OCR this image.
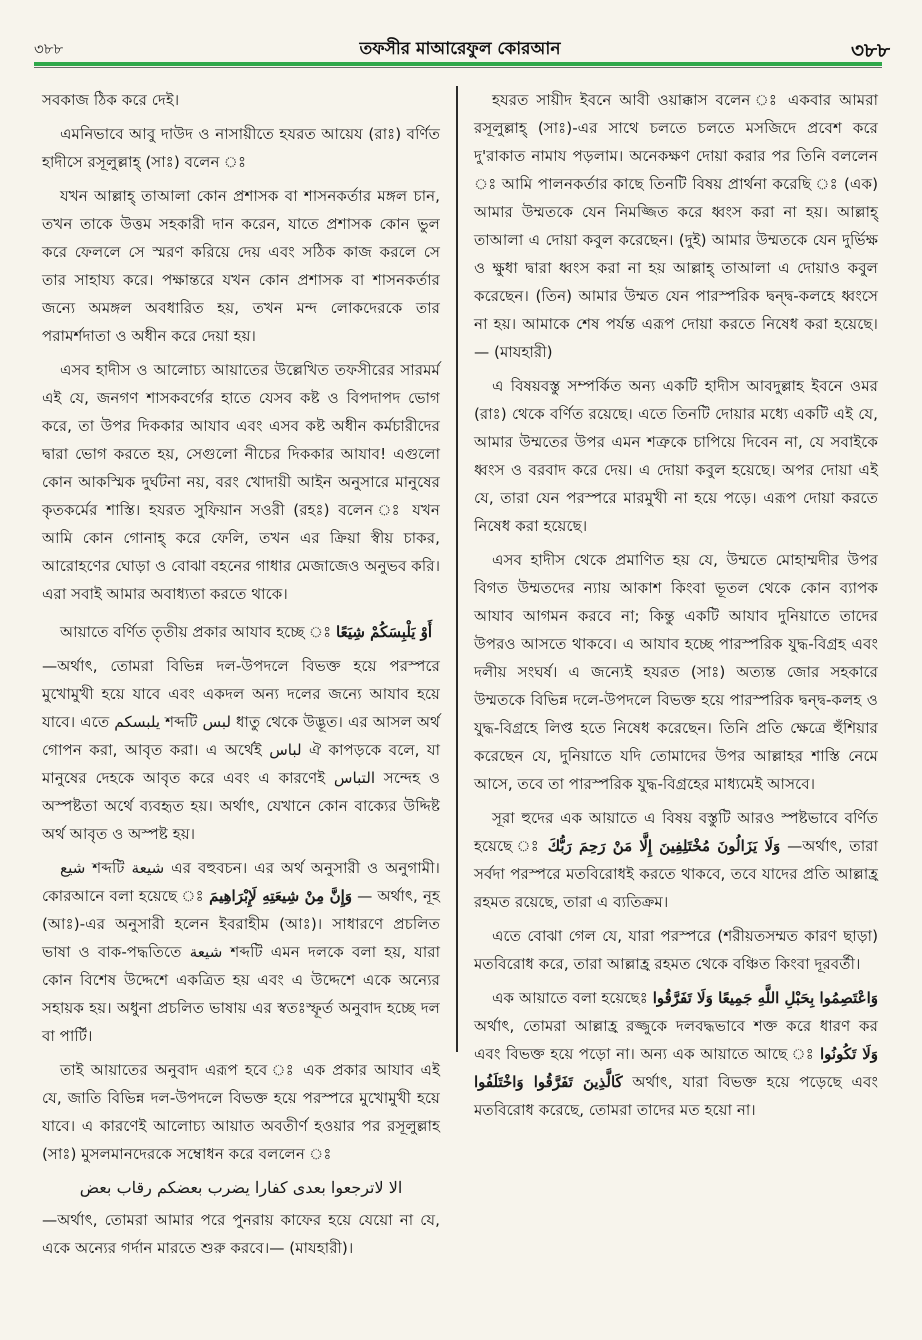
৩৮৮	তফসীর মাআরেফুল কোরআন	৩৮৮

সবকাজ ঠিক করে দেই।

এমনিভাবে আবু দাউদ ও নাসায়ীতে হযরত আয়েয (রাঃ) বর্ণিত হাদীসে রসূলুল্লাহ্ (সাঃ) বলেন ঃ

যখন আল্লাহ্ তাআলা কোন প্রশাসক বা শাসনকর্তার মঙ্গল চান, তখন তাকে উত্তম সহকারী দান করেন, যাতে প্রশাসক কোন ভুল করে ফেললে সে স্মরণ করিয়ে দেয় এবং সঠিক কাজ করলে সে তার সাহায্য করে। পক্ষান্তরে যখন কোন প্রশাসক বা শাসনকর্তার জন্যে অমঙ্গল অবধারিত হয়, তখন মন্দ লোকদেরকে তার পরামর্শদাতা ও অধীন করে দেয়া হয়।

এসব হাদীস ও আলোচ্য আয়াতের উল্লেখিত তফসীরের সারমর্ম এই যে, জনগণ শাসকবর্গের হাতে যেসব কষ্ট ও বিপদাপদ ভোগ করে, তা উপর দিককার আযাব এবং এসব কষ্ট অধীন কর্মচারীদের দ্বারা ভোগ করতে হয়, সেগুলো নীচের দিককার আযাব! এগুলো কোন আকস্মিক দুর্ঘটনা নয়, বরং খোদায়ী আইন অনুসারে মানুষের কৃতকর্মের শাস্তি। হযরত সুফিয়ান সওরী (রহঃ) বলেন ঃ যখন আমি কোন গোনাহ্ করে ফেলি, তখন এর ক্রিয়া স্বীয় চাকর, আরোহণের ঘোড়া ও বোঝা বহনের গাধার মেজাজেও অনুভব করি। এরা সবাই আমার অবাধ্যতা করতে থাকে।

আয়াতে বর্ণিত তৃতীয় প্রকার আযাব হচ্ছে ঃ أَوْ يَلْبِسَكُمْ شِيَعًا

—অর্থাৎ, তোমরা বিভিন্ন দল-উপদলে বিভক্ত হয়ে পরস্পরে মুখোমুখী হয়ে যাবে এবং একদল অন্য দলের জন্যে আযাব হয়ে যাবে। এতে يلبسكم শব্দটি لبس ধাতু থেকে উদ্ভূত। এর আসল অর্থ গোপন করা, আবৃত করা। এ অর্থেই لباس ঐ কাপড়কে বলে, যা মানুষের দেহকে আবৃত করে এবং এ কারণেই التباس সন্দেহ ও অস্পষ্টতা অর্থে ব্যবহৃত হয়। অর্থাৎ, যেখানে কোন বাক্যের উদ্দিষ্ট অর্থ আবৃত ও অস্পষ্ট হয়।

شيع শব্দটি شيعة এর বহুবচন। এর অর্থ অনুসারী ও অনুগামী। কোরআনে বলা হয়েছে ঃ وَإِنَّ مِنْ شِيعَتِهِ لَإِبْرَاهِيمَ — অর্থাৎ, নূহ (আঃ)-এর অনুসারী হলেন ইবরাহীম (আঃ)। সাধারণে প্রচলিত ভাষা ও বাক-পদ্ধতিতে شيعة শব্দটি এমন দলকে বলা হয়, যারা কোন বিশেষ উদ্দেশে একত্রিত হয় এবং এ উদ্দেশে একে অন্যের সহায়ক হয়। অধুনা প্রচলিত ভাষায় এর স্বতঃস্ফূর্ত অনুবাদ হচ্ছে দল বা পার্টি।

তাই আয়াতের অনুবাদ এরূপ হবে ঃ এক প্রকার আযাব এই যে, জাতি বিভিন্ন দল-উপদলে বিভক্ত হয়ে পরস্পরে মুখোমুখী হয়ে যাবে। এ কারণেই আলোচ্য আয়াত অবতীর্ণ হওয়ার পর রসূলুল্লাহ (সাঃ) মুসলমানদেরকে সম্বোধন করে বললেন ঃ

الا لاترجعوا بعدى كفارا يضرب بعضكم رقاب بعض

—অর্থাৎ, তোমরা আমার পরে পুনরায় কাফের হয়ে যেয়ো না যে, একে অন্যের গর্দান মারতে শুরু করবে।— (মাযহারী)।

হযরত সায়ীদ ইবনে আবী ওয়াক্কাস বলেন ঃ একবার আমরা রসূলুল্লাহ্ (সাঃ)-এর সাথে চলতে চলতে মসজিদে প্রবেশ করে দু'রাকাত নামায পড়লাম। অনেকক্ষণ দোয়া করার পর তিনি বললেন ঃ আমি পালনকর্তার কাছে তিনটি বিষয় প্রার্থনা করেছি ঃ (এক) আমার উম্মতকে যেন নিমজ্জিত করে ধ্বংস করা না হয়। আল্লাহ্ তাআলা এ দোয়া কবুল করেছেন। (দুই) আমার উম্মতকে যেন দুর্ভিক্ষ ও ক্ষুধা দ্বারা ধ্বংস করা না হয় আল্লাহ্ তাআলা এ দোয়াও কবুল করেছেন। (তিন) আমার উম্মত যেন পারস্পরিক দ্বন্দ্ব-কলহে ধ্বংসে না হয়। আমাকে শেষ পর্যন্ত এরূপ দোয়া করতে নিষেধ করা হয়েছে।— (মাযহারী)

এ বিষয়বস্তু সম্পর্কিত অন্য একটি হাদীস আবদুল্লাহ ইবনে ওমর (রাঃ) থেকে বর্ণিত রয়েছে। এতে তিনটি দোয়ার মধ্যে একটি এই যে, আমার উম্মতের উপর এমন শত্রুকে চাপিয়ে দিবেন না, যে সবাইকে ধ্বংস ও বরবাদ করে দেয়। এ দোয়া কবুল হয়েছে। অপর দোয়া এই যে, তারা যেন পরস্পরে মারমুখী না হয়ে পড়ে। এরূপ দোয়া করতে নিষেধ করা হয়েছে।

এসব হাদীস থেকে প্রমাণিত হয় যে, উম্মতে মোহাম্মদীর উপর বিগত উম্মতদের ন্যায় আকাশ কিংবা ভূতল থেকে কোন ব্যাপক আযাব আগমন করবে না; কিন্তু একটি আযাব দুনিয়াতে তাদের উপরও আসতে থাকবে। এ আযাব হচ্ছে পারস্পরিক যুদ্ধ-বিগ্রহ এবং দলীয় সংঘর্ষ। এ জন্যেই হযরত (সাঃ) অত্যন্ত জোর সহকারে উম্মতকে বিভিন্ন দলে-উপদলে বিভক্ত হয়ে পারস্পরিক দ্বন্দ্ব-কলহ ও যুদ্ধ-বিগ্রহে লিপ্ত হতে নিষেধ করেছেন। তিনি প্রতি ক্ষেত্রে হুঁশিয়ার করেছেন যে, দুনিয়াতে যদি তোমাদের উপর আল্লাহর শাস্তি নেমে আসে, তবে তা পারস্পরিক যুদ্ধ-বিগ্রহের মাধ্যমেই আসবে।

সূরা হুদের এক আয়াতে এ বিষয় বস্তুটি আরও স্পষ্টভাবে বর্ণিত হয়েছে ঃ وَلَا يَزَالُونَ مُخْتَلِفِينَ إِلَّا مَنْ رَحِمَ رَبُّكَ —অর্থাৎ, তারা সর্বদা পরস্পরে মতবিরোধই করতে থাকবে, তবে যাদের প্রতি আল্লাহ্র রহমত রয়েছে, তারা এ ব্যতিক্রম।

এতে বোঝা গেল যে, যারা পরস্পরে (শরীয়তসম্মত কারণ ছাড়া) মতবিরোধ করে, তারা আল্লাহ্র রহমত থেকে বঞ্চিত কিংবা দূরবর্তী।

এক আয়াতে বলা হয়েছেঃ وَاعْتَصِمُوا بِحَبْلِ اللَّهِ جَمِيعًا وَلَا تَفَرَّقُوا অর্থাৎ, তোমরা আল্লাহ্র রজ্জুকে দলবদ্ধভাবে শক্ত করে ধারণ কর এবং বিভক্ত হয়ে পড়ো না। অন্য এক আয়াতে আছে ঃ وَلَا تَكُونُوا كَالَّذِينَ تَفَرَّقُوا وَاخْتَلَفُوا অর্থাৎ, যারা বিভক্ত হয়ে পড়েছে এবং মতবিরোধ করেছে, তোমরা তাদের মত হয়ো না।
